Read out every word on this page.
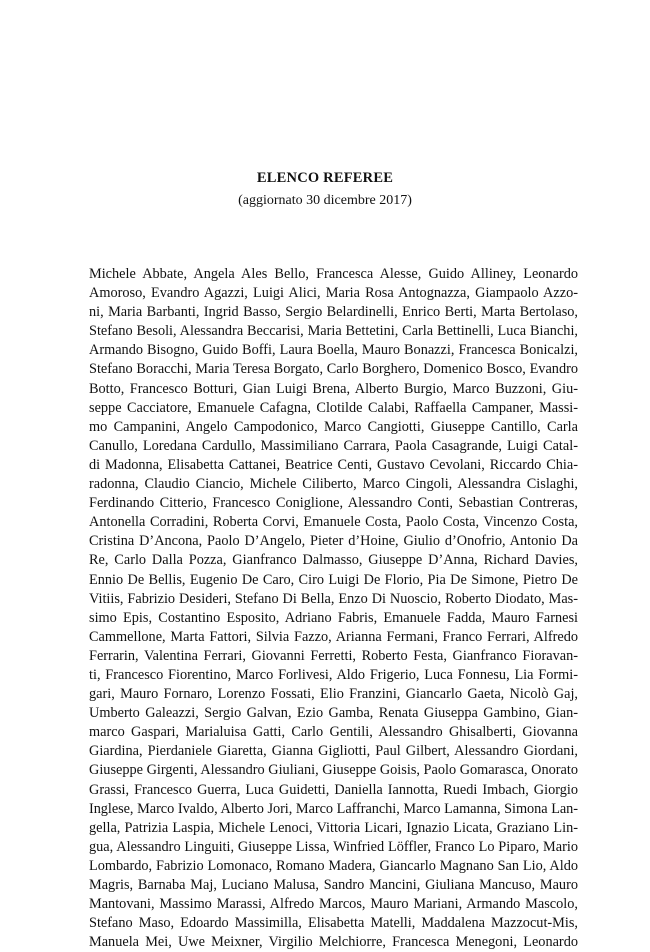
ELENCO REFEREE
(aggiornato 30 dicembre 2017)
Michele Abbate, Angela Ales Bello, Francesca Alesse, Guido Alliney, Leonardo
Amoroso, Evandro Agazzi, Luigi Alici, Maria Rosa Antognazza, Giampaolo Azzo-
ni, Maria Barbanti, Ingrid Basso, Sergio Belardinelli, Enrico Berti, Marta Bertolaso,
Stefano Besoli, Alessandra Beccarisi, Maria Bettetini, Carla Bettinelli, Luca Bianchi,
Armando Bisogno, Guido Boffi, Laura Boella, Mauro Bonazzi, Francesca Bonicalzi,
Stefano Boracchi, Maria Teresa Borgato, Carlo Borghero, Domenico Bosco, Evandro
Botto, Francesco Botturi, Gian Luigi Brena, Alberto Burgio, Marco Buzzoni, Giu-
seppe Cacciatore, Emanuele Cafagna, Clotilde Calabi, Raffaella Campaner, Massi-
mo Campanini, Angelo Campodonico, Marco Cangiotti, Giuseppe Cantillo, Carla
Canullo, Loredana Cardullo, Massimiliano Carrara, Paola Casagrande, Luigi Catal-
di Madonna, Elisabetta Cattanei, Beatrice Centi, Gustavo Cevolani, Riccardo Chia-
radonna, Claudio Ciancio, Michele Ciliberto, Marco Cingoli, Alessandra Cislaghi,
Ferdinando Citterio, Francesco Coniglione, Alessandro Conti, Sebastian Contreras,
Antonella Corradini, Roberta Corvi, Emanuele Costa, Paolo Costa, Vincenzo Costa,
Cristina D’Ancona, Paolo D’Angelo, Pieter d’Hoine, Giulio d’Onofrio, Antonio Da
Re, Carlo Dalla Pozza, Gianfranco Dalmasso, Giuseppe D’Anna, Richard Davies,
Ennio De Bellis, Eugenio De Caro, Ciro Luigi De Florio, Pia De Simone, Pietro De
Vitiis, Fabrizio Desideri, Stefano Di Bella, Enzo Di Nuoscio, Roberto Diodato, Mas-
simo Epis, Costantino Esposito, Adriano Fabris, Emanuele Fadda, Mauro Farnesi
Cammellone, Marta Fattori, Silvia Fazzo, Arianna Fermani, Franco Ferrari, Alfredo
Ferrarin, Valentina Ferrari, Giovanni Ferretti, Roberto Festa, Gianfranco Fioravan-
ti, Francesco Fiorentino, Marco Forlivesi, Aldo Frigerio, Luca Fonnesu, Lia Formi-
gari, Mauro Fornaro, Lorenzo Fossati, Elio Franzini, Giancarlo Gaeta, Nicolò Gaj,
Umberto Galeazzi, Sergio Galvan, Ezio Gamba, Renata Giuseppa Gambino, Gian-
marco Gaspari, Marialuisa Gatti, Carlo Gentili, Alessandro Ghisalberti, Giovanna
Giardina, Pierdaniele Giaretta, Gianna Gigliotti, Paul Gilbert, Alessandro Giordani,
Giuseppe Girgenti, Alessandro Giuliani, Giuseppe Goisis, Paolo Gomarasca, Onorato
Grassi, Francesco Guerra, Luca Guidetti, Daniella Iannotta, Ruedi Imbach, Giorgio
Inglese, Marco Ivaldo, Alberto Jori, Marco Laffranchi, Marco Lamanna, Simona Lan-
gella, Patrizia Laspia, Michele Lenoci, Vittoria Licari, Ignazio Licata, Graziano Lin-
gua, Alessandro Linguiti, Giuseppe Lissa, Winfried Löffler, Franco Lo Piparo, Mario
Lombardo, Fabrizio Lomonaco, Romano Madera, Giancarlo Magnano San Lio, Aldo
Magris, Barnaba Maj, Luciano Malusa, Sandro Mancini, Giuliana Mancuso, Mauro
Mantovani, Massimo Marassi, Alfredo Marcos, Mauro Mariani, Armando Mascolo,
Stefano Maso, Edoardo Massimilla, Elisabetta Matelli, Maddalena Mazzocut-Mis,
Manuela Mei, Uwe Meixner, Virgilio Melchiorre, Francesca Menegoni, Leonardo
